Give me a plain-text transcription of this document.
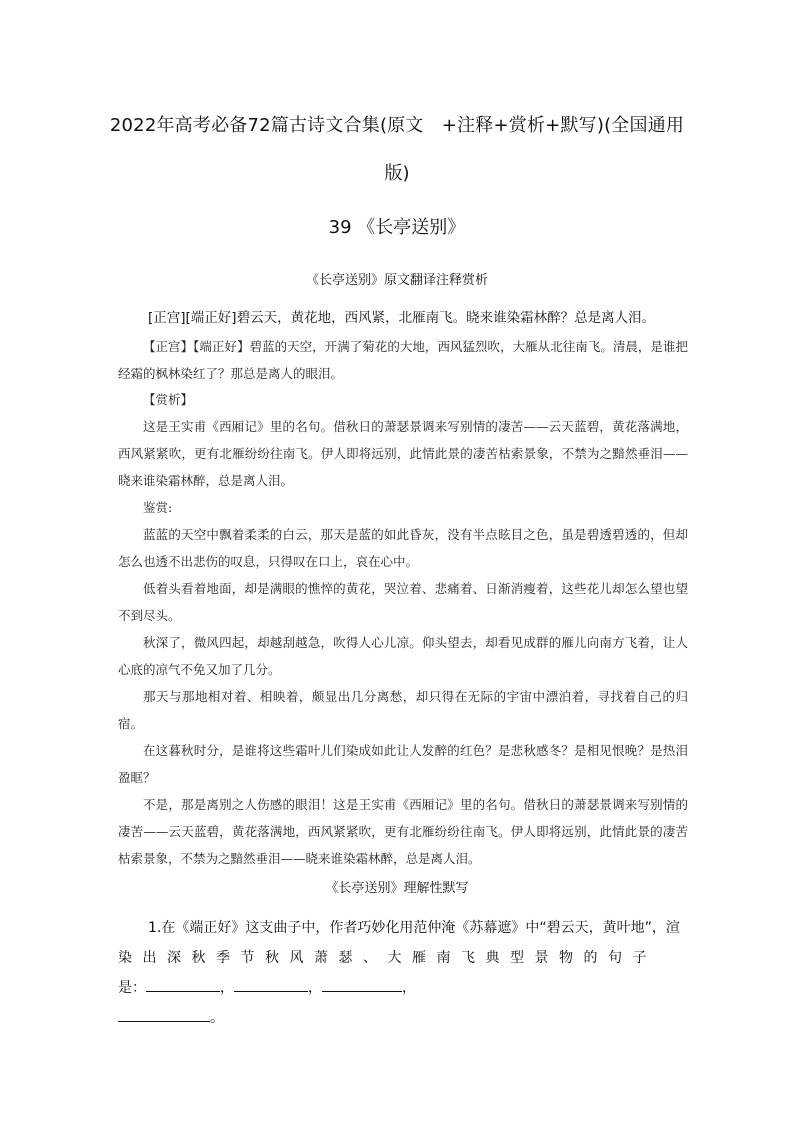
2022年高考必备72篇古诗文合集(原文　+注释+赏析+默写)(全国通用
版)
39 《长亭送别》
《长亭送别》原文翻译注释赏析
[正宫][端正好]碧云天，黄花地，西风紧，北雁南飞。晓来谁染霜林醉？总是离人泪。

【正宫】【端正好】碧蓝的天空，开满了菊花的大地，西风猛烈吹，大雁从北往南飞。清晨，是谁把经霜的枫林染红了？那总是离人的眼泪。

【赏析】

这是王实甫《西厢记》里的名句。借秋日的萧瑟景调来写别情的凄苦——云天蓝碧，黄花落满地，西风紧紧吹，更有北雁纷纷往南飞。伊人即将远别，此情此景的凄苦枯索景象，不禁为之黯然垂泪——晓来谁染霜林醉，总是离人泪。

鉴赏:

蓝蓝的天空中飘着柔柔的白云，那天是蓝的如此昏灰，没有半点眩目之色，虽是碧透碧透的，但却怎么也透不出悲伤的叹息，只得叹在口上，哀在心中。

低着头看着地面，却是满眼的憔悴的黄花，哭泣着、悲痛着、日渐消瘦着，这些花儿却怎么望也望不到尽头。

秋深了，微风四起，却越刮越急，吹得人心儿凉。仰头望去，却看见成群的雁儿向南方飞着，让人心底的凉气不免又加了几分。

那天与那地相对着、相映着，颇显出几分离愁，却只得在无际的宇宙中漂泊着，寻找着自己的归宿。

在这暮秋时分，是谁将这些霜叶儿们染成如此让人发醉的红色？是悲秋感冬？是相见恨晚？是热泪盈眶？

不是，那是离别之人伤感的眼泪！这是王实甫《西厢记》里的名句。借秋日的萧瑟景调来写别情的凄苦——云天蓝碧，黄花落满地，西风紧紧吹，更有北雁纷纷往南飞。伊人即将远别，此情此景的凄苦枯索景象，不禁为之黯然垂泪——晓来谁染霜林醉，总是离人泪。

《长亭送别》理解性默写

1.在《端正好》这支曲子中，作者巧妙化用范仲淹《苏幕遮》中“碧云天，黄叶地”，渲

染出深秋季节秋风萧瑟、大雁南飞典型景物的句子

是：	，	，	，

。
